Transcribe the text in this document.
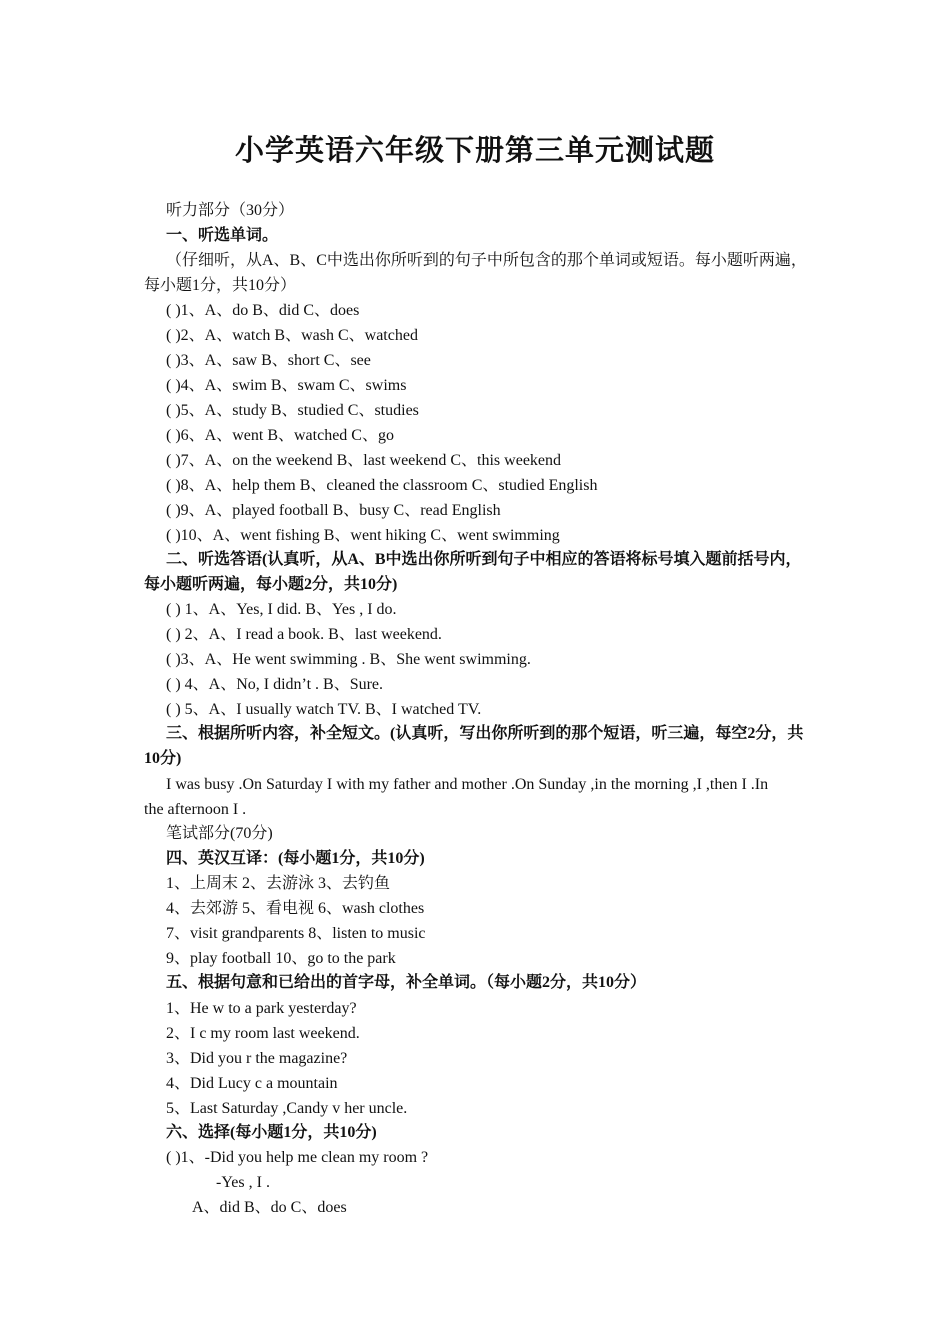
小学英语六年级下册第三单元测试题
听力部分（30分）
一、听选单词。
（仔细听，从A、B、C中选出你所听到的句子中所包含的那个单词或短语。每小题听两遍，
每小题1分，共10分）
( )1、A、do B、did C、does
( )2、A、watch B、wash C、watched
( )3、A、saw B、short C、see
( )4、A、swim B、swam C、swims
( )5、A、study B、studied C、studies
( )6、A、went B、watched C、go
( )7、A、on the weekend B、last weekend C、this weekend
( )8、A、help them B、cleaned the classroom C、studied English
( )9、A、played football B、busy C、read English
( )10、A、went fishing B、went hiking C、went swimming
二、听选答语(认真听，从A、B中选出你所听到句子中相应的答语将标号填入题前括号内，
每小题听两遍，每小题2分，共10分)
( ) 1、A、Yes, I did. B、Yes , I do.
( ) 2、A、I read a book. B、last weekend.
( )3、A、He went swimming . B、She went swimming.
( ) 4、A、No, I didn’t . B、Sure.
( ) 5、A、I usually watch TV. B、I watched TV.
三、根据所听内容，补全短文。(认真听，写出你所听到的那个短语，听三遍，每空2分，共
10分)
I was busy .On Saturday I with my father and mother .On Sunday ,in the morning ,I ,then I .In
the afternoon I .
笔试部分(70分)
四、英汉互译：(每小题1分，共10分)
1、上周末 2、去游泳 3、去钓鱼
4、去郊游 5、看电视 6、wash clothes
7、visit grandparents 8、listen to music
9、play football 10、go to the park
五、根据句意和已给出的首字母，补全单词。（每小题2分，共10分）
1、He w to a park yesterday?
2、I c my room last weekend.
3、Did you r the magazine?
4、Did Lucy c a mountain
5、Last Saturday ,Candy v her uncle.
六、选择(每小题1分，共10分)
( )1、-Did you help me clean my room ?
-Yes , I .
A、did B、do C、does
